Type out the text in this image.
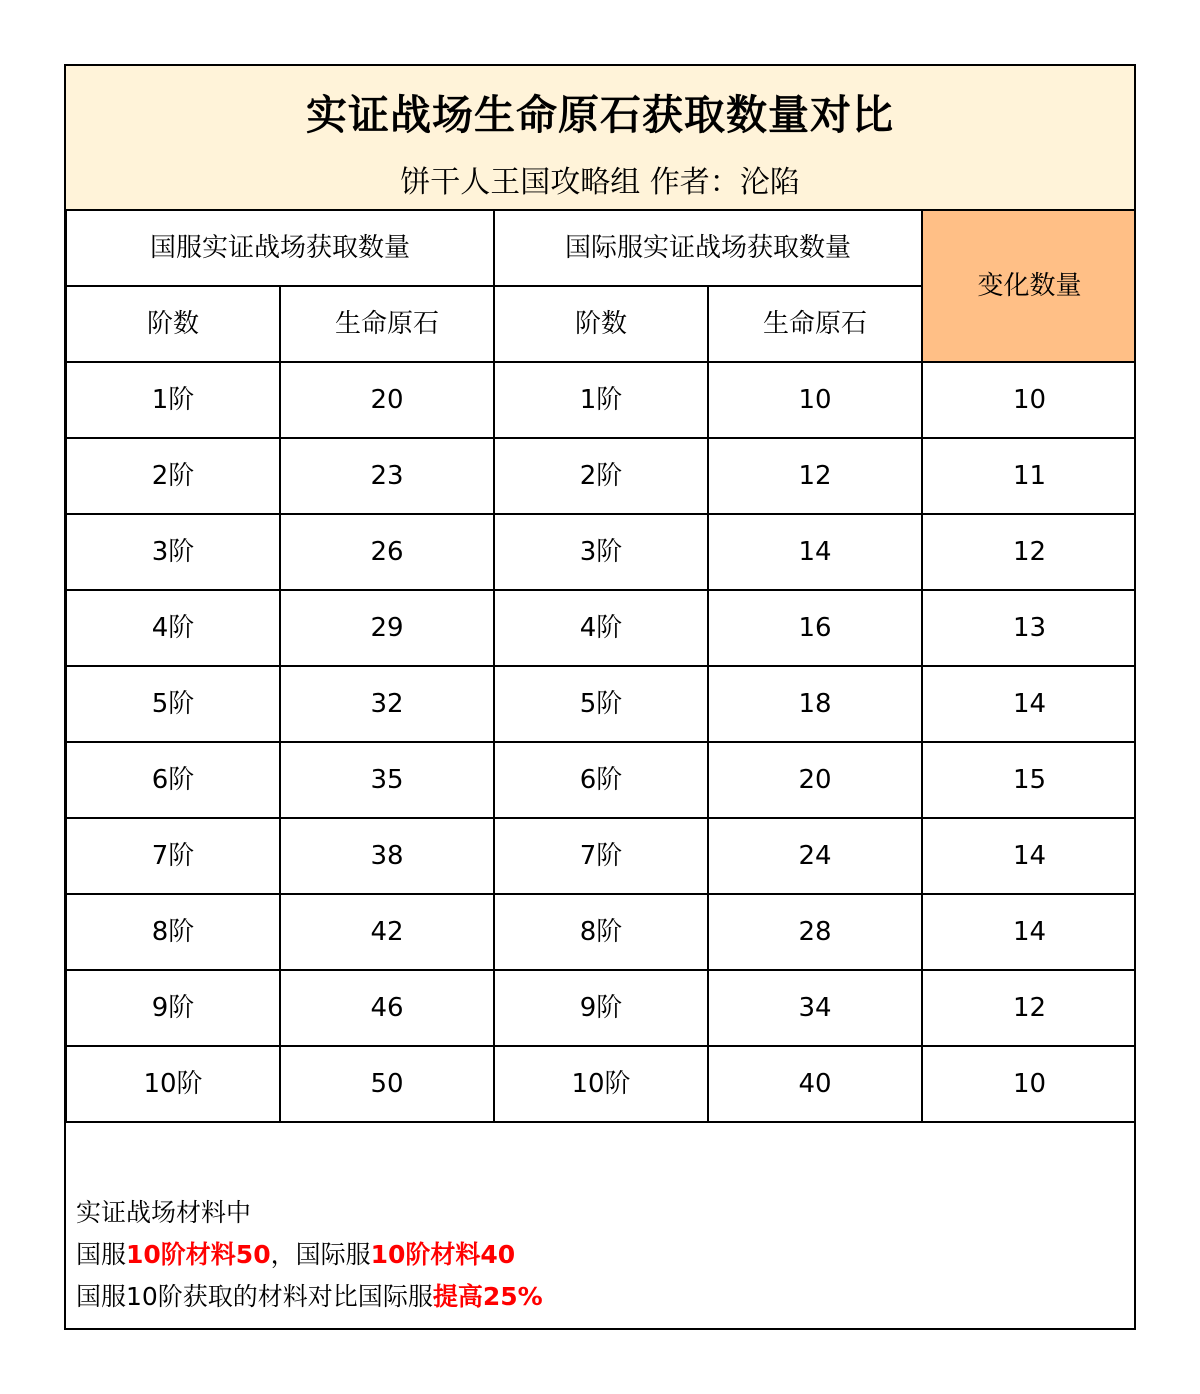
实证战场生命原石获取数量对比
饼干人王国攻略组 作者：沦陷
国服实证战场获取数量		国际服实证战场获取数量		变化数量
阶数	生命原石	阶数	生命原石	
1阶	20	1阶	10	10
2阶	23	2阶	12	11
3阶	26	3阶	14	12
4阶	29	4阶	16	13
5阶	32	5阶	18	14
6阶	35	6阶	20	15
7阶	38	7阶	24	14
8阶	42	8阶	28	14
9阶	46	9阶	34	12
10阶	50	10阶	40	10
实证战场材料中
国服10阶材料50，国际服10阶材料40
国服10阶获取的材料对比国际服提高25%
